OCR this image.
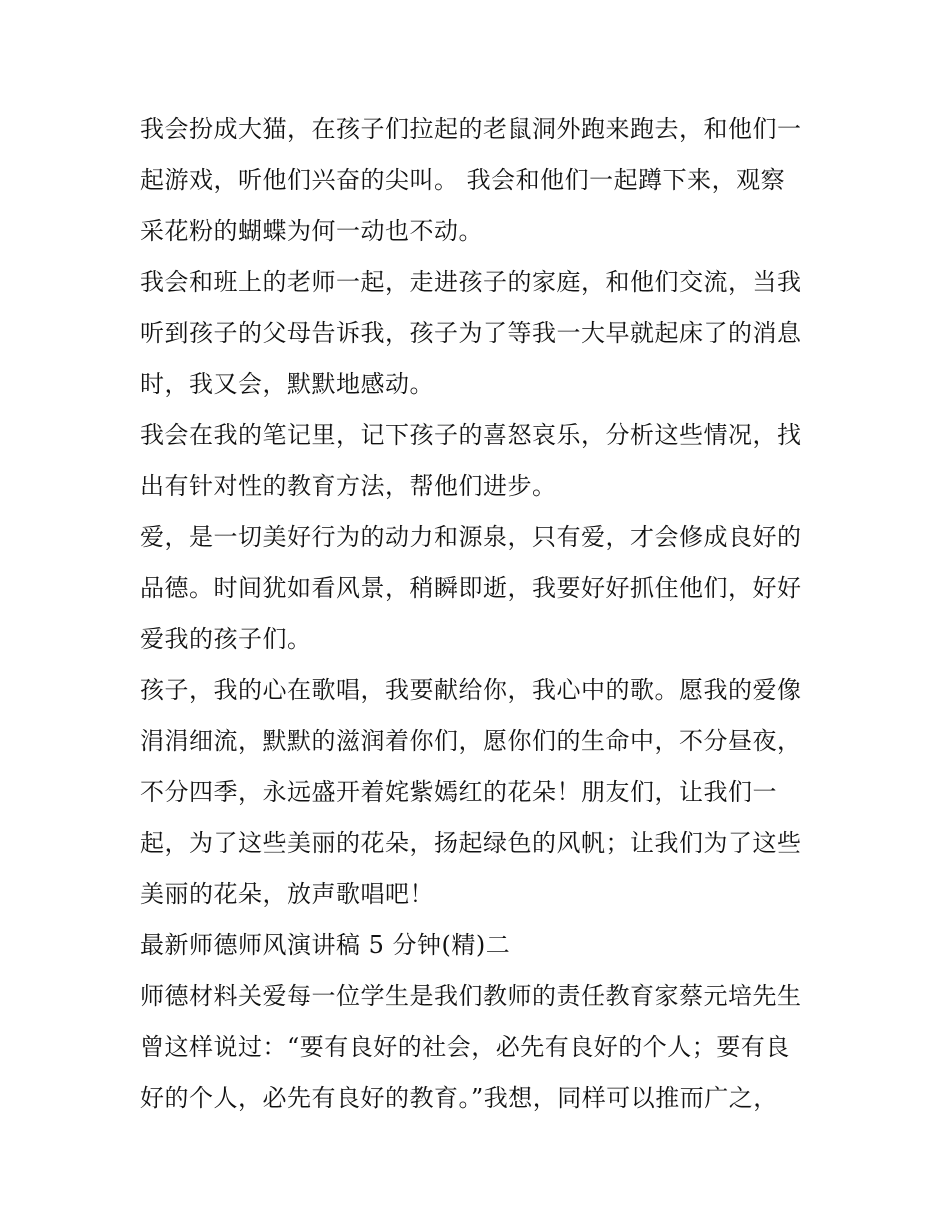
我会扮成大猫，在孩子们拉起的老鼠洞外跑来跑去，和他们一
起游戏，听他们兴奋的尖叫。 我会和他们一起蹲下来，观察
采花粉的蝴蝶为何一动也不动。
我会和班上的老师一起，走进孩子的家庭，和他们交流，当我
听到孩子的父母告诉我，孩子为了等我一大早就起床了的消息
时，我又会，默默地感动。
我会在我的笔记里，记下孩子的喜怒哀乐，分析这些情况，找
出有针对性的教育方法，帮他们进步。
爱，是一切美好行为的动力和源泉，只有爱，才会修成良好的
品德。时间犹如看风景，稍瞬即逝，我要好好抓住他们，好好
爱我的孩子们。
孩子，我的心在歌唱，我要献给你，我心中的歌。愿我的爱像
涓涓细流，默默的滋润着你们，愿你们的生命中，不分昼夜，
不分四季，永远盛开着姹紫嫣红的花朵！朋友们，让我们一
起，为了这些美丽的花朵，扬起绿色的风帆；让我们为了这些
美丽的花朵，放声歌唱吧！
最新师德师风演讲稿 5 分钟(精)二
师德材料关爱每一位学生是我们教师的责任教育家蔡元培先生
曾这样说过：“要有良好的社会，必先有良好的个人；要有良
好的个人，必先有良好的教育。”我想，同样可以推而广之，
